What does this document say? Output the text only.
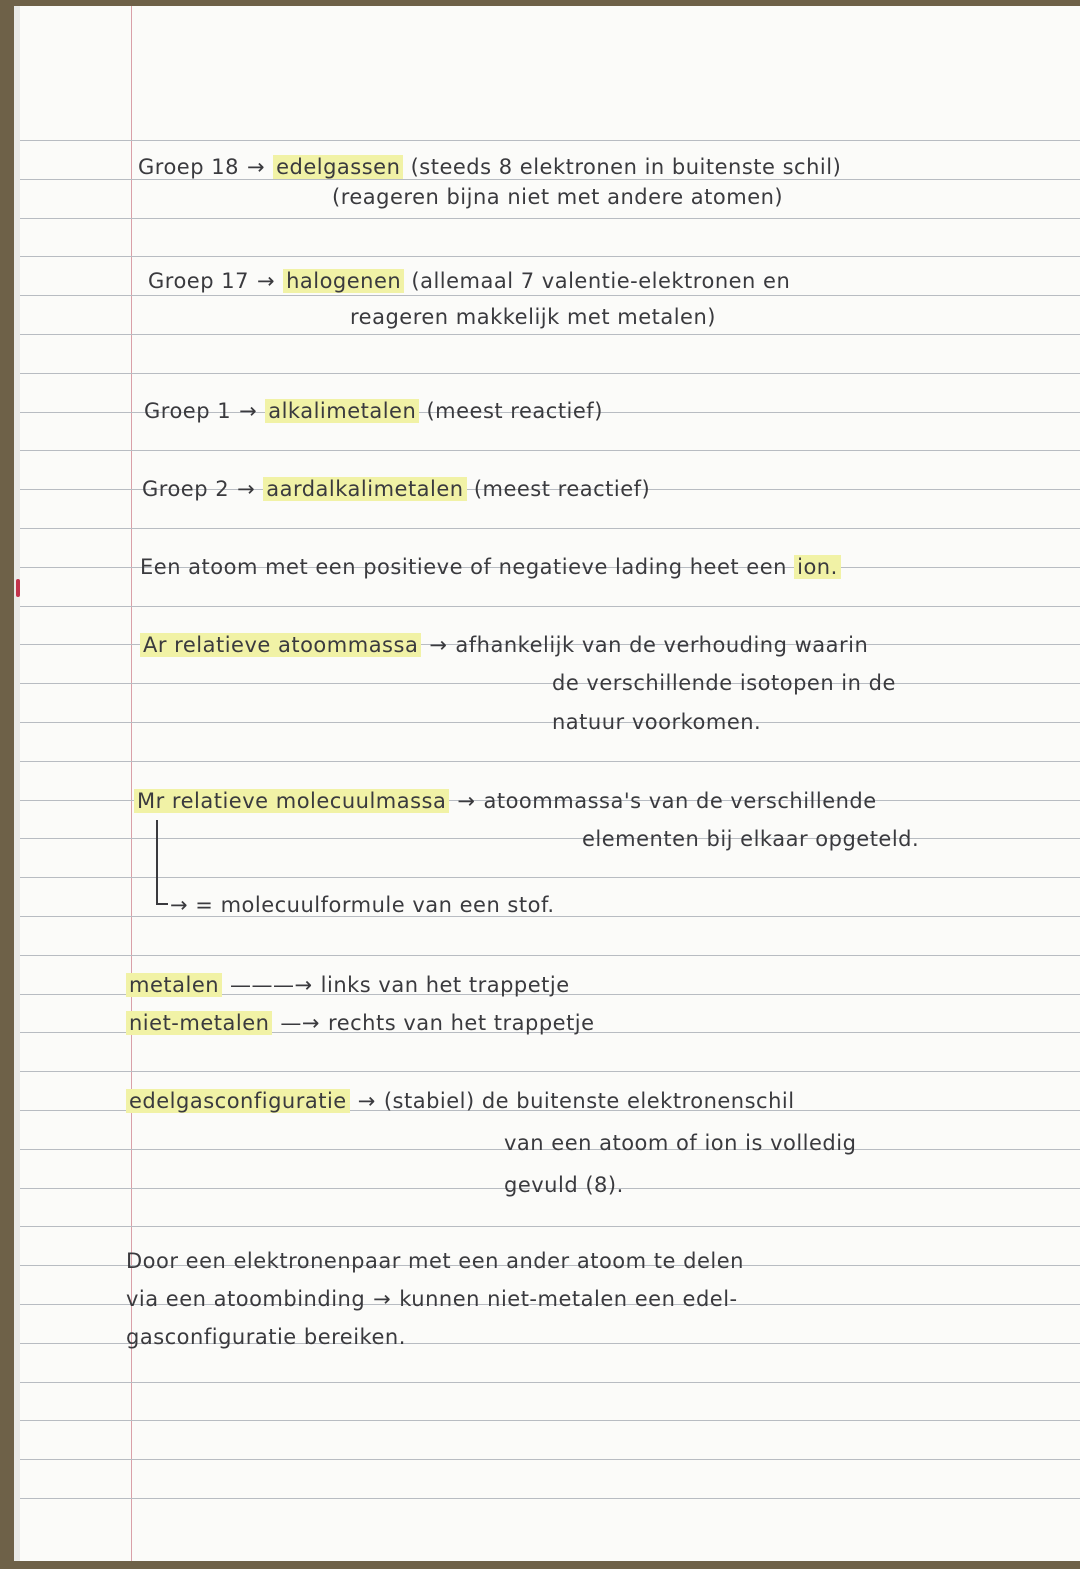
Groep 18 → edelgassen (steeds 8 elektronen in buitenste schil)
(reageren bijna niet met andere atomen)
Groep 17 → halogenen (allemaal 7 valentie-elektronen en
reageren makkelijk met metalen)
Groep 1 → alkalimetalen (meest reactief)
Groep 2 → aardalkalimetalen (meest reactief)
Een atoom met een positieve of negatieve lading heet een ion.
Ar relatieve atoommassa → afhankelijk van de verhouding waarin
de verschillende isotopen in de
natuur voorkomen.
Mr relatieve molecuulmassa → atoommassa's van de verschillende
elementen bij elkaar opgeteld.
→ = molecuulformule van een stof.
metalen ———→ links van het trappetje
niet-metalen —→ rechts van het trappetje
edelgasconfiguratie → (stabiel) de buitenste elektronenschil
van een atoom of ion is volledig
gevuld (8).
Door een elektronenpaar met een ander atoom te delen
via een atoombinding → kunnen niet-metalen een edel-
gasconfiguratie bereiken.
